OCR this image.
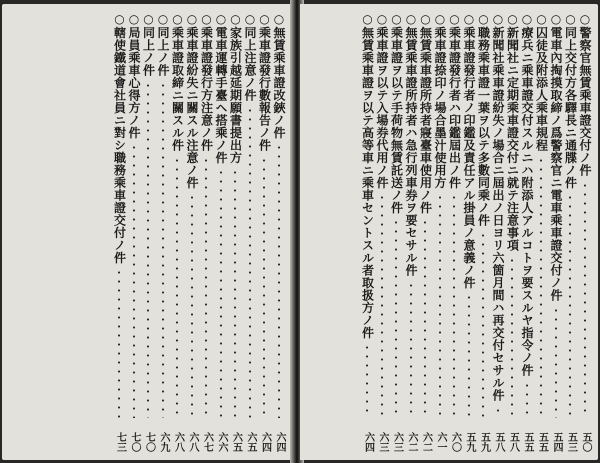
○無賃乘車證改鋏ノ件
六四
○乘車證發行數報告ノ件
六四
○同上注意ノ件
六五
○家族引越延期願書提出方
六五
○電車運轉手臺ヘ搭乘ノ件
六六
○乘車證發行方注意ノ件
六七
○乘車證紛失ニ關スル注意ノ件
六八
○乘車證取締ニ關スル件
六八
○同上ノ件
六九
○同上ノ件
七〇
○局員乘車心得方ノ件
七〇
○轄使鐵道會社員ニ對シ職務乘車證交付ノ件
七三
○警察官無賃乘車證交付ノ件
五〇
○同上交付方各驛長ニ通牒ノ件
五三
○電車內掏摸取締ノ爲警察官ニ電車乘車證交付ノ件
五四
○囚徒及附添人乘車規程
五五
○療兵ニ乘車證交付スルニハ附添人アルコトヲ要スルヤ指令ノ件
五五
○新聞社ニ定期乘車證交付ニ就テ注意事項
五八
○新聞社乘車證紛失ノ場合ニ屆出ノ日ヨリ六箇月間ハ再交付セサル件
五八
○職務乘車證一葉ヲ以テ多數同乘ノ件
五九
○乘車證發行者ノ印鑑及責任アル掛員ノ意義ノ件
五九
○乘車證發行者ハ印鑑屆出ノ件
六〇
○乘車證捺印ノ場合墨汁使用方
六一
○無賃乘車證所持者寢臺車使用ノ件
六二
○無賃乘車證所持者ハ急行列車券ヲ要セサル件
六二
○乘車證ヲ以テ手荷物無賃託送ノ件
六三
○乘車證ヲ以テ入場券代用ノ件
六三
○無賃乘車證ヲ以テ高等車ニ乘車セントスル者取扱方ノ件
六四
